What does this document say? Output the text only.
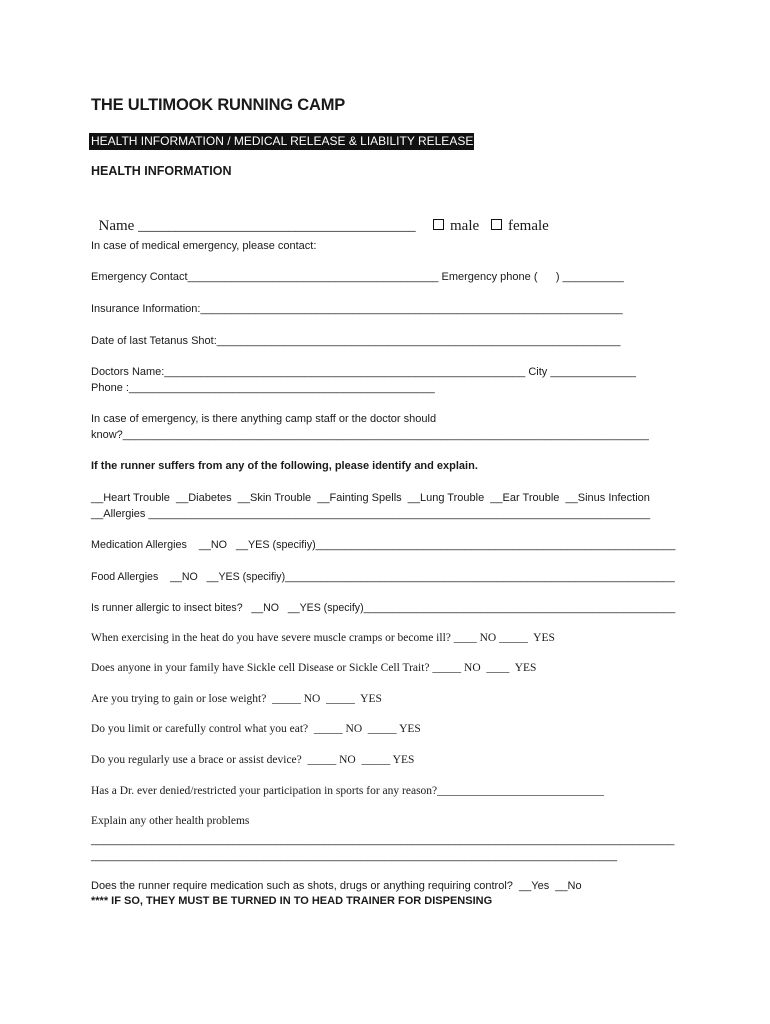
THE ULTIMOOK RUNNING CAMP
HEALTH INFORMATION / MEDICAL RELEASE & LIABILITY RELEASE
HEALTH INFORMATION

Name _____________________________________
	male

	female

In case of medical emergency, please contact:
Emergency Contact_________________________________________ Emergency phone (      ) __________
Insurance Information:_____________________________________________________________________
Date of last Tetanus Shot:__________________________________________________________________
Doctors Name:___________________________________________________________ City ______________
Phone :__________________________________________________
In case of emergency, is there anything camp staff or the doctor should
know?______________________________________________________________________________________
If the runner suffers from any of the following, please identify and explain.
__Heart Trouble  __Diabetes  __Skin Trouble  __Fainting Spells  __Lung Trouble  __Ear Trouble  __Sinus Infection
__Allergies __________________________________________________________________________________
Medication Allergies    __NO   __YES (specifiy)____________________________________________________________
Food Allergies    __NO   __YES (specifiy)__________________________________________________________________
Is runner allergic to insect bites?   __NO   __YES (specify)_____________________________________________________
When exercising in the heat do you have severe muscle cramps or become ill? ____ NO _____  YES
Does anyone in your family have Sickle cell Disease or Sickle Cell Trait? _____ NO  ____  YES
Are you trying to gain or lose weight?  _____ NO  _____  YES
Do you limit or carefully control what you eat?  _____ NO  _____ YES
Do you regularly use a brace or assist device?  _____ NO  _____ YES
Has a Dr. ever denied/restricted your participation in sports for any reason?_____________________________
Explain any other health problems
__________________________________________________________________________________________________
______________________________________________________________________________________
Does the runner require medication such as shots, drugs or anything requiring control?  __Yes  __No
**** IF SO, THEY MUST BE TURNED IN TO HEAD TRAINER FOR DISPENSING
